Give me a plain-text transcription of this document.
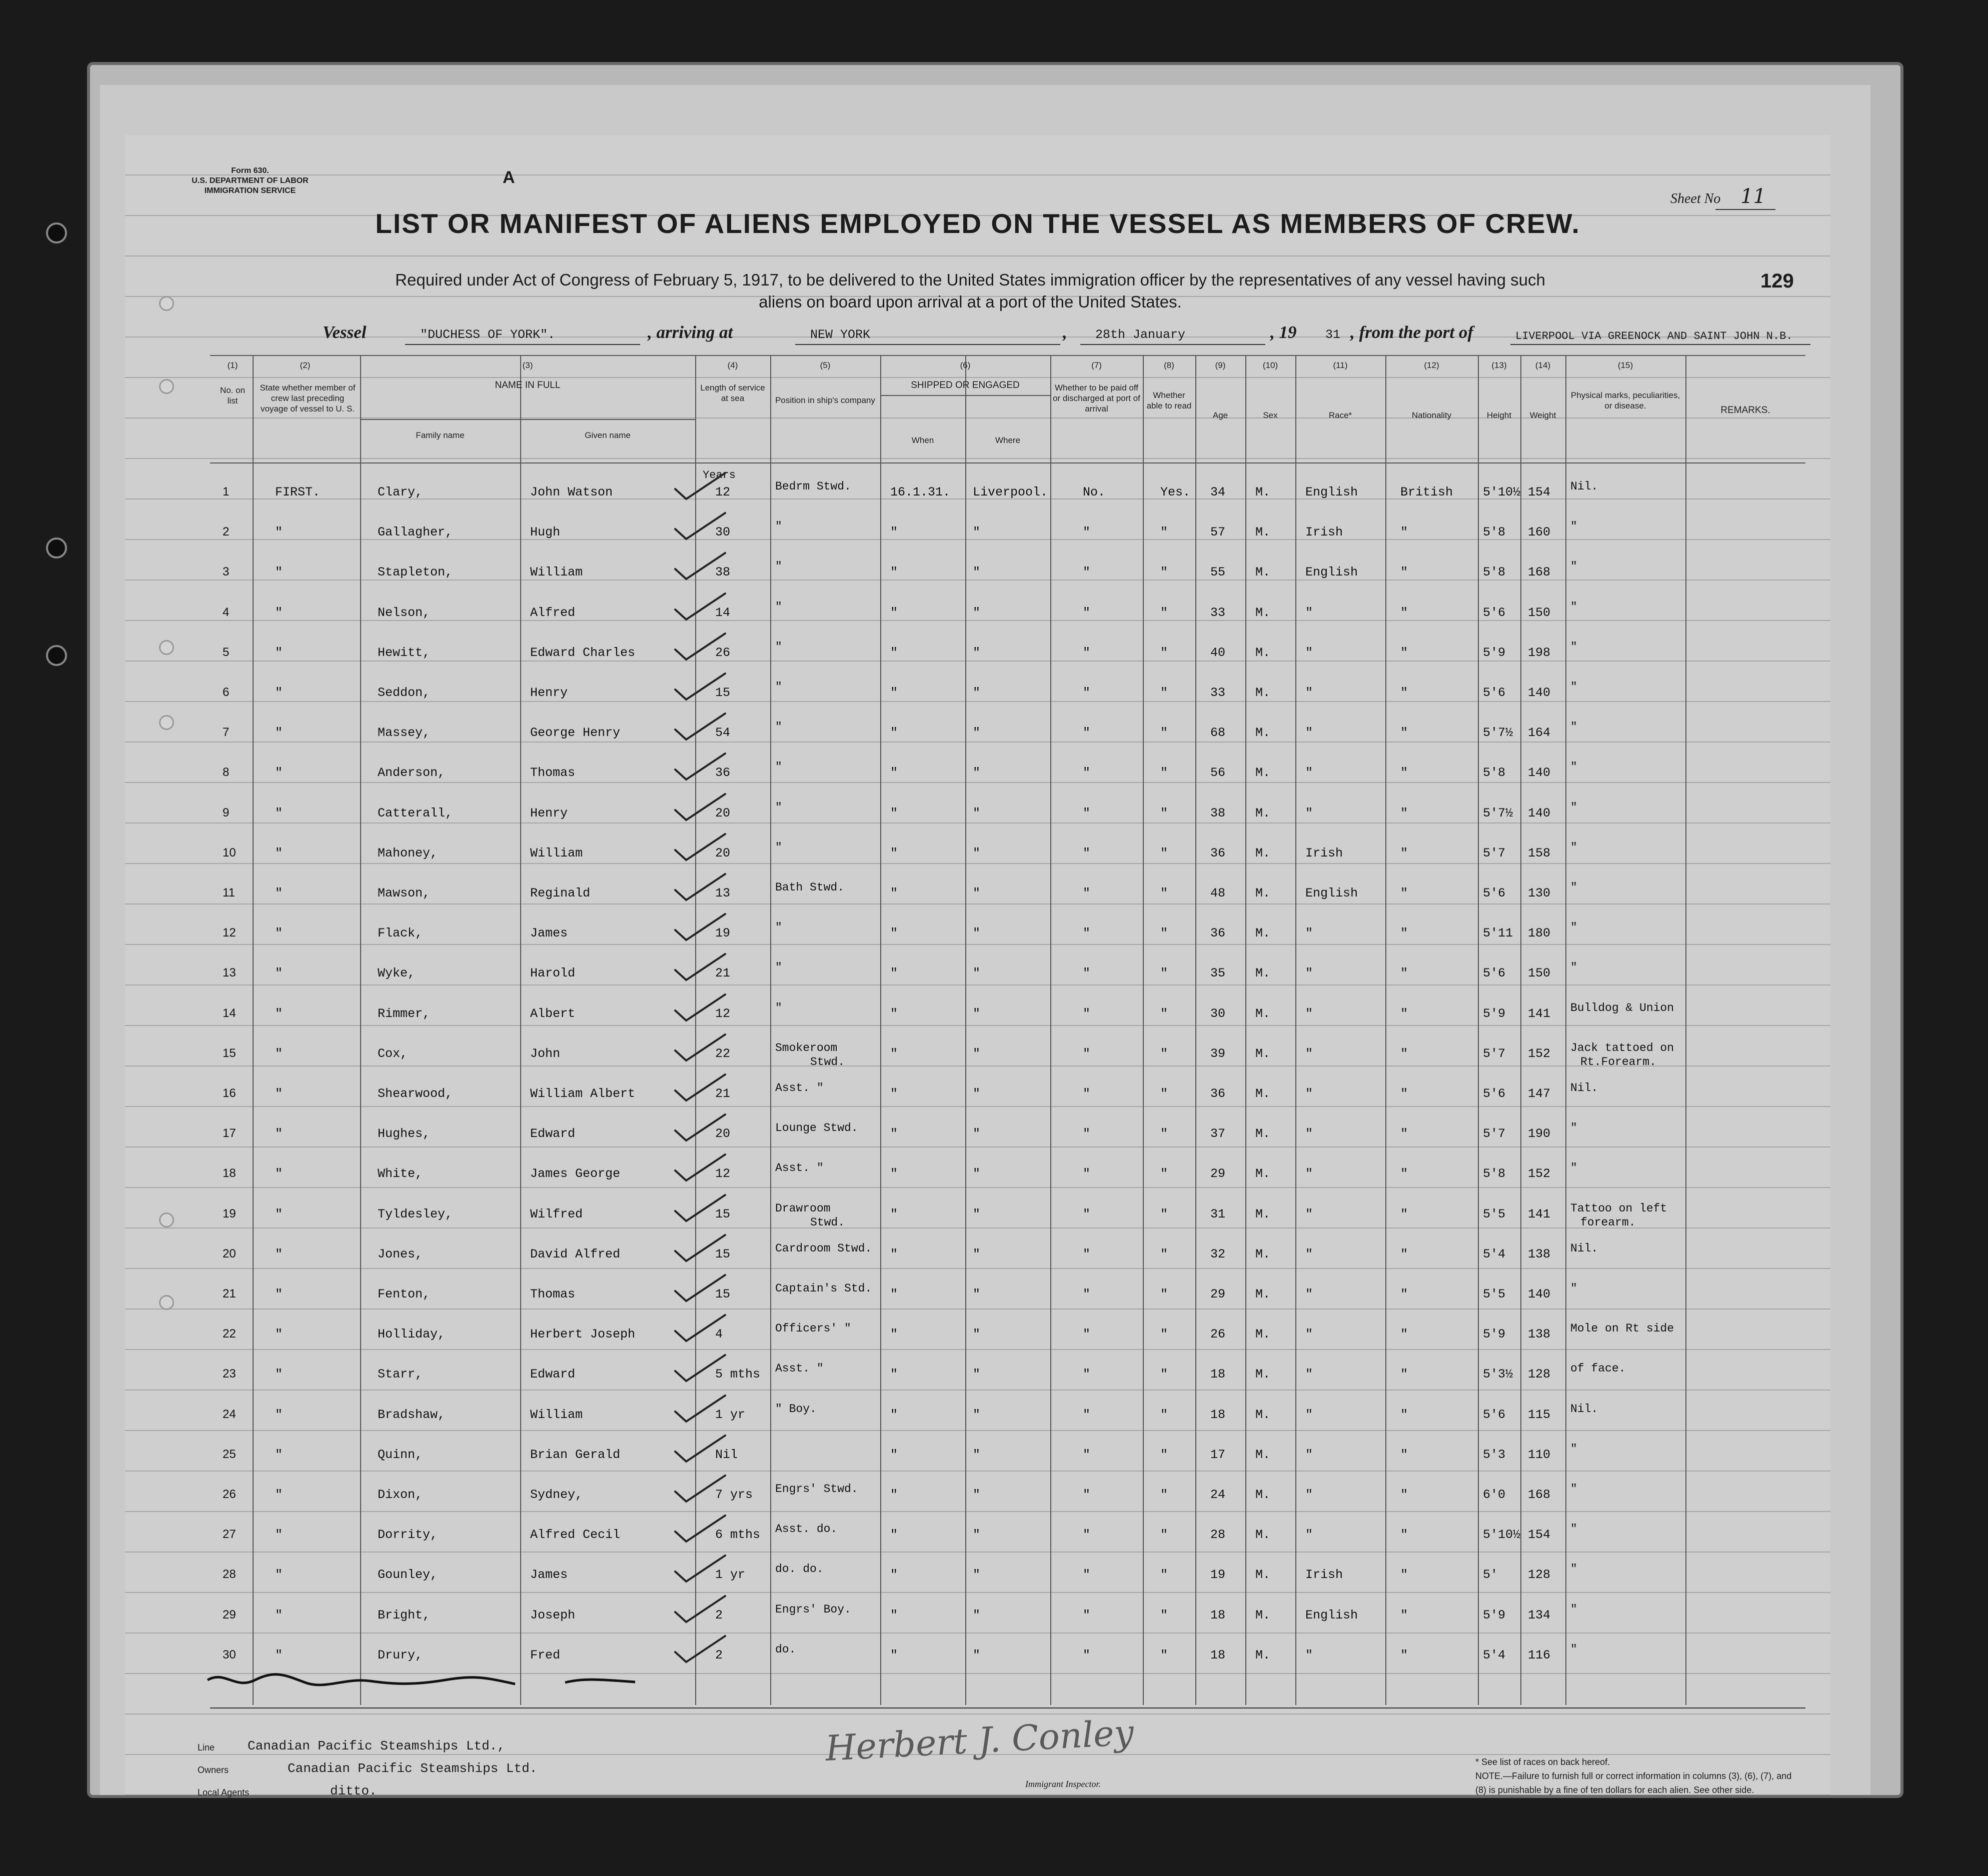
Form 630.
U.S. DEPARTMENT OF LABOR
IMMIGRATION SERVICE
A
Sheet No 11
LIST OR MANIFEST OF ALIENS EMPLOYED ON THE VESSEL AS MEMBERS OF CREW.
Required under Act of Congress of February 5, 1917, to be delivered to the United States immigration officer by the representatives of any vessel having such
aliens on board upon arrival at a port of the United States.
129
Vessel	"DUCHESS OF YORK".	, arriving at	NEW YORK	, 28th January	, 19 31 , from the port of	LIVERPOOL VIA GREENOCK AND SAINT JOHN N.B.
(1)
No. on list
(2)
State whether member of crew last preceding voyage of vessel to U. S.
(3)
NAME IN FULL
Family name	Given name
(4)
Length of service at sea
(5)
Position in ship's company
(6)
SHIPPED OR ENGAGED
When	Where
(7)
Whether to be paid off or discharged at port of arrival
(8)
Whether able to read
(9)
Age
(10)
Sex
(11)
Race*
(12)
Nationality
(13)
Height
(14)
Weight
(15)
Physical marks, peculiarities, or disease.	REMARKS.
Years
1	FIRST.	Clary,	John Watson	12	Bedrm Stwd.	16.1.31. Liverpool.	No.	Yes. 34 M.	English	British 5'10½ 154 Nil.
2	"	Gallagher,	Hugh	30	"	"	"	"	"	57 M.	Irish	"	5'8 160 "
3	"	Stapleton,	William	38	"	"	"	"	"	55 M.	English	"	5'8 168 "
4	"	Nelson,	Alfred	14	"	"	"	"	"	33 M.	"	"	5'6 150 "
5	"	Hewitt,	Edward Charles	26	"	"	"	"	"	40 M.	"	"	5'9 198 "
6	"	Seddon,	Henry	15	"	"	"	"	"	33 M.	"	"	5'6 140 "
7	"	Massey,	George Henry	54	"	"	"	"	"	68 M.	"	"	5'7½ 164 "
8	"	Anderson,	Thomas	36	"	"	"	"	"	56 M.	"	"	5'8 140 "
9	"	Catterall,	Henry	20	"	"	"	"	"	38 M.	"	"	5'7½ 140 "
10	"	Mahoney,	William	20	"	"	"	"	"	36 M.	Irish	"	5'7 158 "
11	"	Mawson,	Reginald	13	Bath Stwd.	"	"	"	"	48 M.	English	"	5'6 130 "
12	"	Flack,	James	19	"	"	"	"	"	36 M.	"	"	5'11 180 "
13	"	Wyke,	Harold	21	"	"	"	"	"	35 M.	"	"	5'6 150 "
14	"	Rimmer,	Albert	12	"	"	"	"	"	30 M.	"	"	5'9 141 Bulldog & Union
15	"	Cox,	John	22	Smokeroom	"	"	"	"	39 M.	"	"	5'7 152 Jack tattoed on
Stwd.	Rt.Forearm.
16	"	Shearwood,	William Albert	21	Asst. "	"	"	"	"	36 M.	"	"	5'6 147 Nil.
17	"	Hughes,	Edward	20	Lounge Stwd.	"	"	"	"	37 M.	"	"	5'7 190 "
18	"	White,	James George	12	Asst. "	"	"	"	"	29 M.	"	"	5'8 152 "
19	"	Tyldesley,	Wilfred	15	Drawroom	"	"	"	"	31 M.	"	"	5'5 141 Tattoo on left
Stwd.	forearm.
20	"	Jones,	David Alfred	15	Cardroom Stwd. "	"	"	"	32 M.	"	"	5'4 138 Nil.
21	"	Fenton,	Thomas	15	Captain's Std. "	"	"	"	29 M.	"	"	5'5 140 "
22	"	Holliday,	Herbert Joseph	4	Officers' "	"	"	"	"	26 M.	"	"	5'9 138 Mole on Rt side
23	"	Starr,	Edward	5 mths Asst. "	"	"	"	"	18 M.	"	"	5'3½ 128 of face.
24	"	Bradshaw,	William	1 yr	" Boy.	"	"	"	"	18 M.	"	"	5'6 115 Nil.
25	"	Quinn,	Brian Gerald	Nil	"	"	"	"	17 M.	"	"	5'3 110 "
26	"	Dixon,	Sydney,	7 yrs Engrs' Stwd.	"	"	"	"	24 M.	"	"	6'0 168 "
27	"	Dorrity,	Alfred Cecil	6 mths Asst. do.	"	"	"	"	28 M.	"	"	5'10½ 154 "
28	"	Gounley,	James	1 yr	do. do.	"	"	"	"	19 M.	Irish	"	5' 128 "
29	"	Bright,	Joseph	2	Engrs' Boy.	"	"	"	"	18 M.	English	"	5'9 134 "
30	"	Drury,	Fred	2	do.	"	"	"	"	18 M.	"	"	5'4 116 "
Line	Canadian Pacific Steamships Ltd.,
Owners	Canadian Pacific Steamships Ltd.
Local Agents	ditto.
Herbert J. Conley
Immigrant Inspector.
* See list of races on back hereof.
NOTE.—Failure to furnish full or correct information in columns (3), (6), (7), and (8) is punishable by a fine of ten dollars for each alien. See other side.
